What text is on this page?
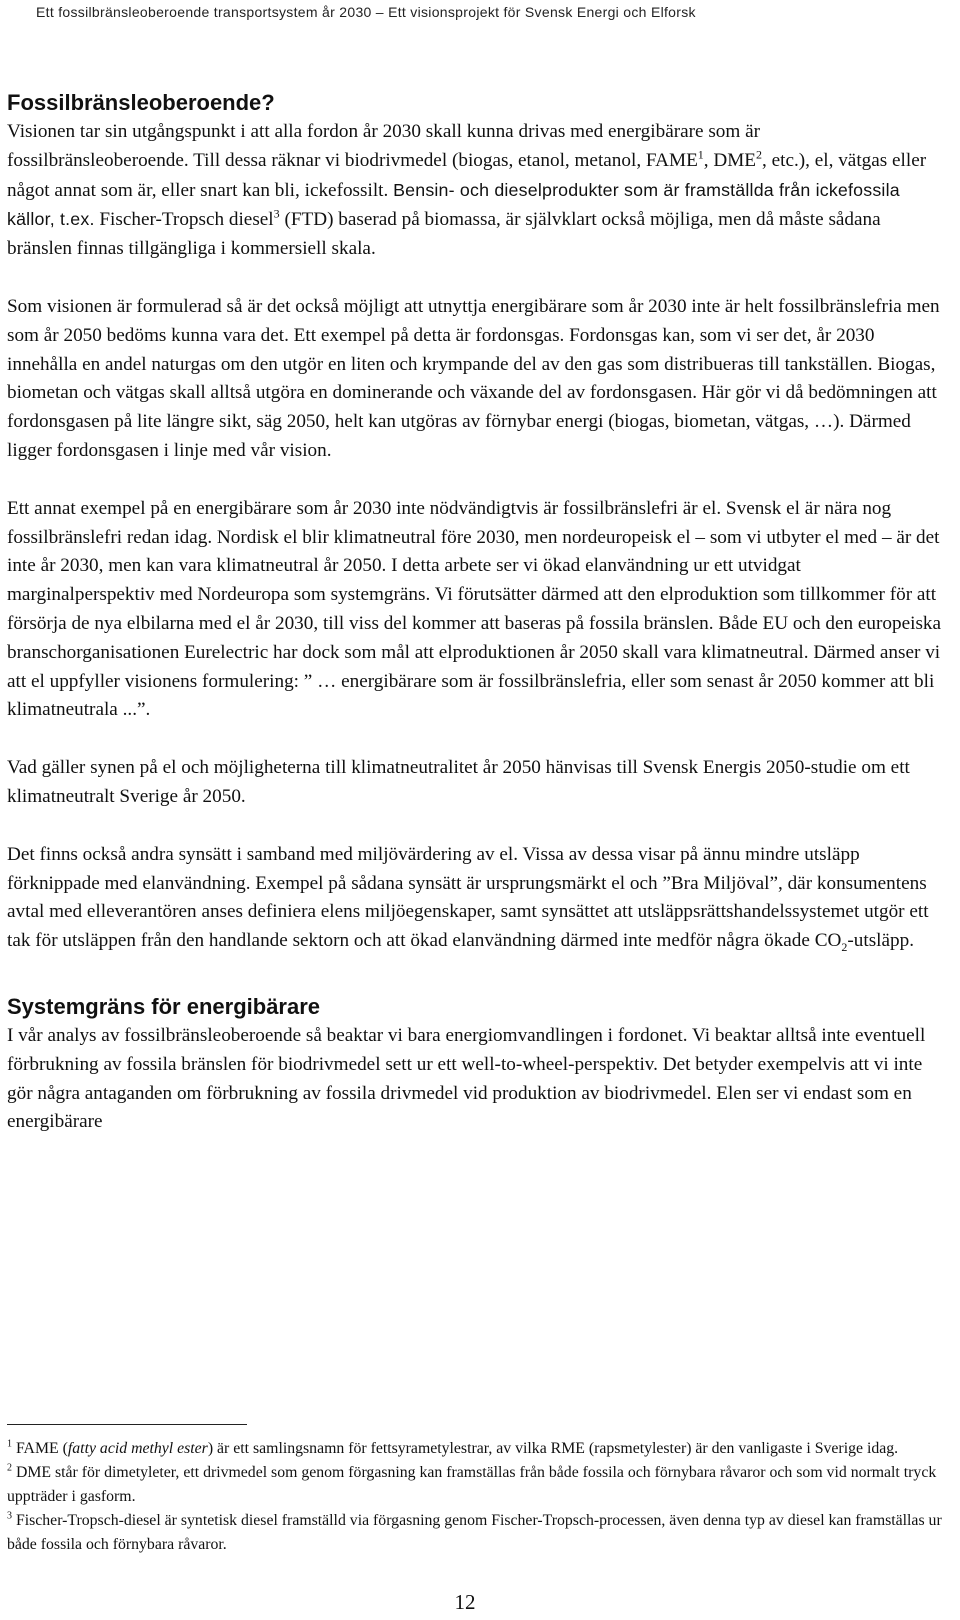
Ett fossilbränsleoberoende transportsystem år 2030 – Ett visionsprojekt för Svensk Energi och Elforsk
Fossilbränsleoberoende?

Visionen tar sin utgångspunkt i att alla fordon år 2030 skall kunna drivas med energibärare som är fossilbränsleoberoende. Till dessa räknar vi biodrivmedel (biogas, etanol, metanol, FAME$^1$, DME$^2$, etc.), el, vätgas eller något annat som är, eller snart kan bli, ickefossilt. Bensin- och dieselprodukter som är framställda från ickefossila källor, t.ex. Fischer-Tropsch diesel$^3$ (FTD) baserad på biomassa, är självklart också möjliga, men då måste sådana bränslen finnas tillgängliga i kommersiell skala.

Som visionen är formulerad så är det också möjligt att utnyttja energibärare som år 2030 inte är helt fossilbränslefria men som år 2050 bedöms kunna vara det. Ett exempel på detta är fordonsgas. Fordonsgas kan, som vi ser det, år 2030 innehålla en andel naturgas om den utgör en liten och krympande del av den gas som distribueras till tankställen. Biogas, biometan och vätgas skall alltså utgöra en dominerande och växande del av fordonsgasen. Här gör vi då bedömningen att fordonsgasen på lite längre sikt, säg 2050, helt kan utgöras av förnybar energi (biogas, biometan, vätgas, …). Därmed ligger fordonsgasen i linje med vår vision.

Ett annat exempel på en energibärare som år 2030 inte nödvändigtvis är fossilbränslefri är el. Svensk el är nära nog fossilbränslefri redan idag. Nordisk el blir klimatneutral före 2030, men nordeuropeisk el – som vi utbyter el med – är det inte år 2030, men kan vara klimatneutral år 2050. I detta arbete ser vi ökad elanvändning ur ett utvidgat marginalperspektiv med Nordeuropa som systemgräns. Vi förutsätter därmed att den elproduktion som tillkommer för att försörja de nya elbilarna med el år 2030, till viss del kommer att baseras på fossila bränslen. Både EU och den europeiska branschorganisationen Eurelectric har dock som mål att elproduktionen år 2050 skall vara klimatneutral. Därmed anser vi att el uppfyller visionens formulering: ” … energibärare som är fossilbränslefria, eller som senast år 2050 kommer att bli klimatneutrala ...”.

Vad gäller synen på el och möjligheterna till klimatneutralitet år 2050 hänvisas till Svensk Energis 2050-studie om ett klimatneutralt Sverige år 2050.

Det finns också andra synsätt i samband med miljövärdering av el. Vissa av dessa visar på ännu mindre utsläpp förknippade med elanvändning. Exempel på sådana synsätt är ursprungsmärkt el och ”Bra Miljöval”, där konsumentens avtal med elleverantören anses definiera elens miljöegenskaper, samt synsättet att utsläppsrättshandelssystemet utgör ett tak för utsläppen från den handlande sektorn och att ökad elanvändning därmed inte medför några ökade $CO_2$-utsläpp.

Systemgräns för energibärare

I vår analys av fossilbränsleoberoende så beaktar vi bara energiomvandlingen i fordonet. Vi beaktar alltså inte eventuell förbrukning av fossila bränslen för biodrivmedel sett ur ett well-to-wheel-perspektiv. Det betyder exempelvis att vi inte gör några antaganden om förbrukning av fossila drivmedel vid produktion av biodrivmedel. Elen ser vi endast som en energibärare

$^1$ FAME (fatty acid methyl ester) är ett samlingsnamn för fettsyrametylestrar, av vilka RME (rapsmetylester) är den vanligaste i Sverige idag.

$^2$ DME står för dimetyleter, ett drivmedel som genom förgasning kan framställas från både fossila och förnybara råvaror och som vid normalt tryck uppträder i gasform.

$^3$ Fischer-Tropsch-diesel är syntetisk diesel framställd via förgasning genom Fischer-Tropsch-processen, även denna typ av diesel kan framställas ur både fossila och förnybara råvaror.

12
